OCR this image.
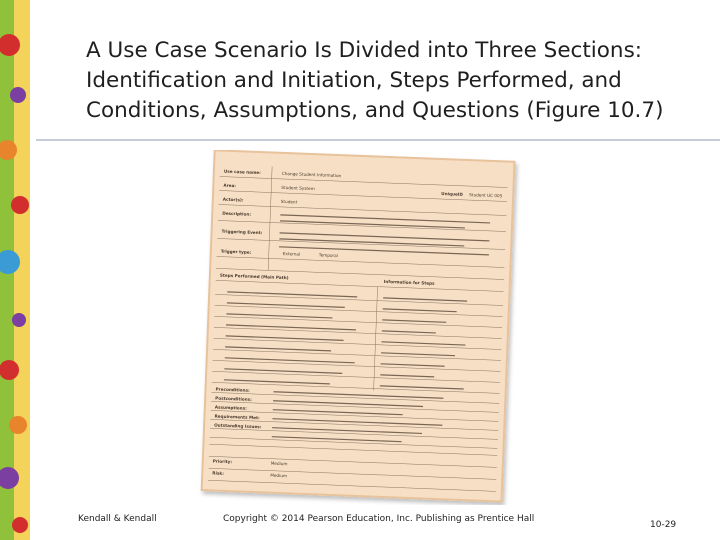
A Use Case Scenario Is Divided into Three Sections:
Identification and Initiation, Steps Performed, and
Conditions, Assumptions, and Questions (Figure 10.7)
Use case name:
Area:
Actor(s):
Description:
Triggering Event:
Trigger type:
Steps Performed (Main Path)
Preconditions:
Postconditions:
Assumptions:
Requirements Met:
Outstanding Issues:
Priority:
Risk:
Change Student Information
Student System
Student
UniqueID Student UC 005
External	Temporal
Information for Steps
Medium
Medium
Kendall & Kendall	Copyright © 2014 Pearson Education, Inc. Publishing as Prentice Hall
10-29
